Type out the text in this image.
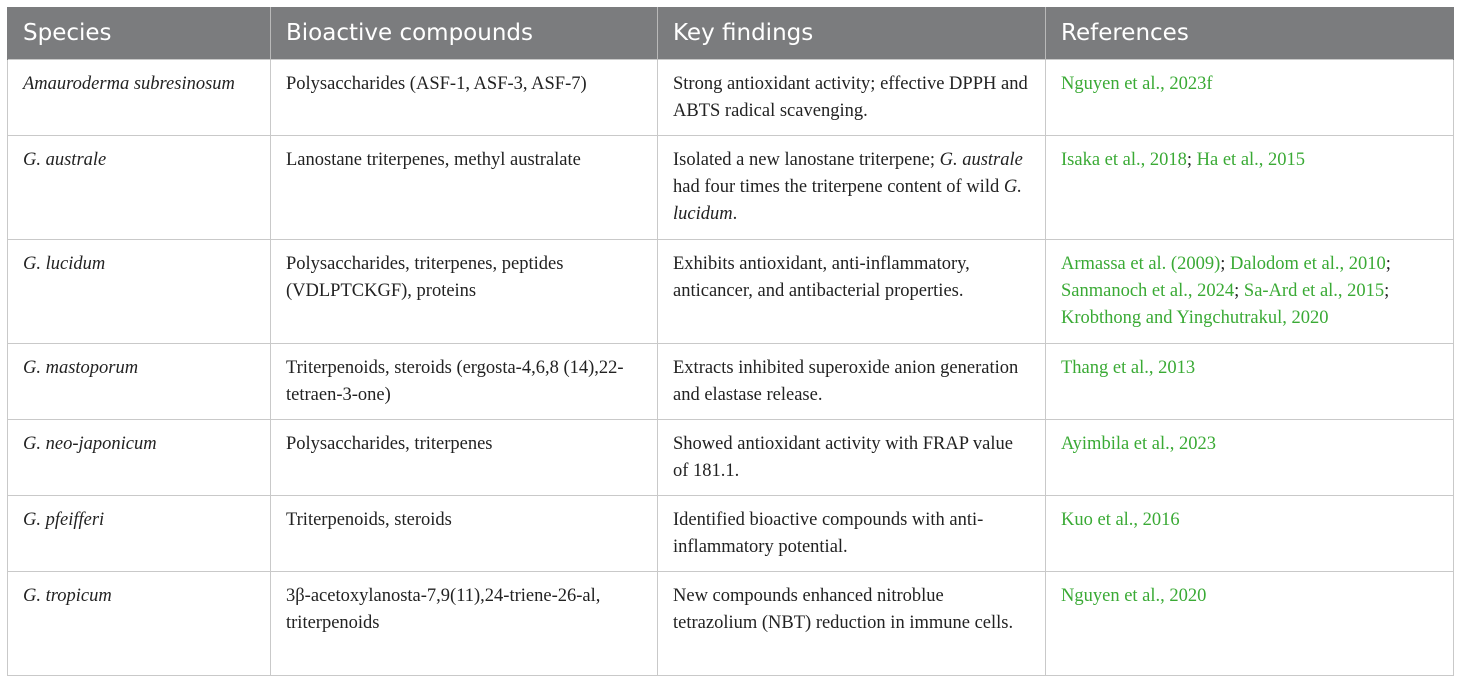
Species	Bioactive compounds	Key findings	References
Amauroderma subresinosum	Polysaccharides (ASF-1, ASF-3, ASF-7)	Strong antioxidant activity; effective DPPH and ABTS radical scavenging.	Nguyen et al., 2023f
G. australe	Lanostane triterpenes, methyl australate	Isolated a new lanostane triterpene; G. australe had four times the triterpene content of wild G. lucidum.	Isaka et al., 2018; Ha et al., 2015
G. lucidum	Polysaccharides, triterpenes, peptides (VDLPTCKGF), proteins	Exhibits antioxidant, anti-inflammatory, anticancer, and antibacterial properties.	Armassa et al. (2009); Dalodom et al., 2010; Sanmanoch et al., 2024; Sa-Ard et al., 2015; Krobthong and Yingchutrakul, 2020
G. mastoporum	Triterpenoids, steroids (ergosta-4,6,8 (14),22-tetraen-3-one)	Extracts inhibited superoxide anion generation and elastase release.	Thang et al., 2013
G. neo-japonicum	Polysaccharides, triterpenes	Showed antioxidant activity with FRAP value of 181.1.	Ayimbila et al., 2023
G. pfeifferi	Triterpenoids, steroids	Identified bioactive compounds with anti-inflammatory potential.	Kuo et al., 2016
G. tropicum	3β-acetoxylanosta-7,9(11),24-triene-26-al, triterpenoids	New compounds enhanced nitroblue tetrazolium (NBT) reduction in immune cells.	Nguyen et al., 2020
